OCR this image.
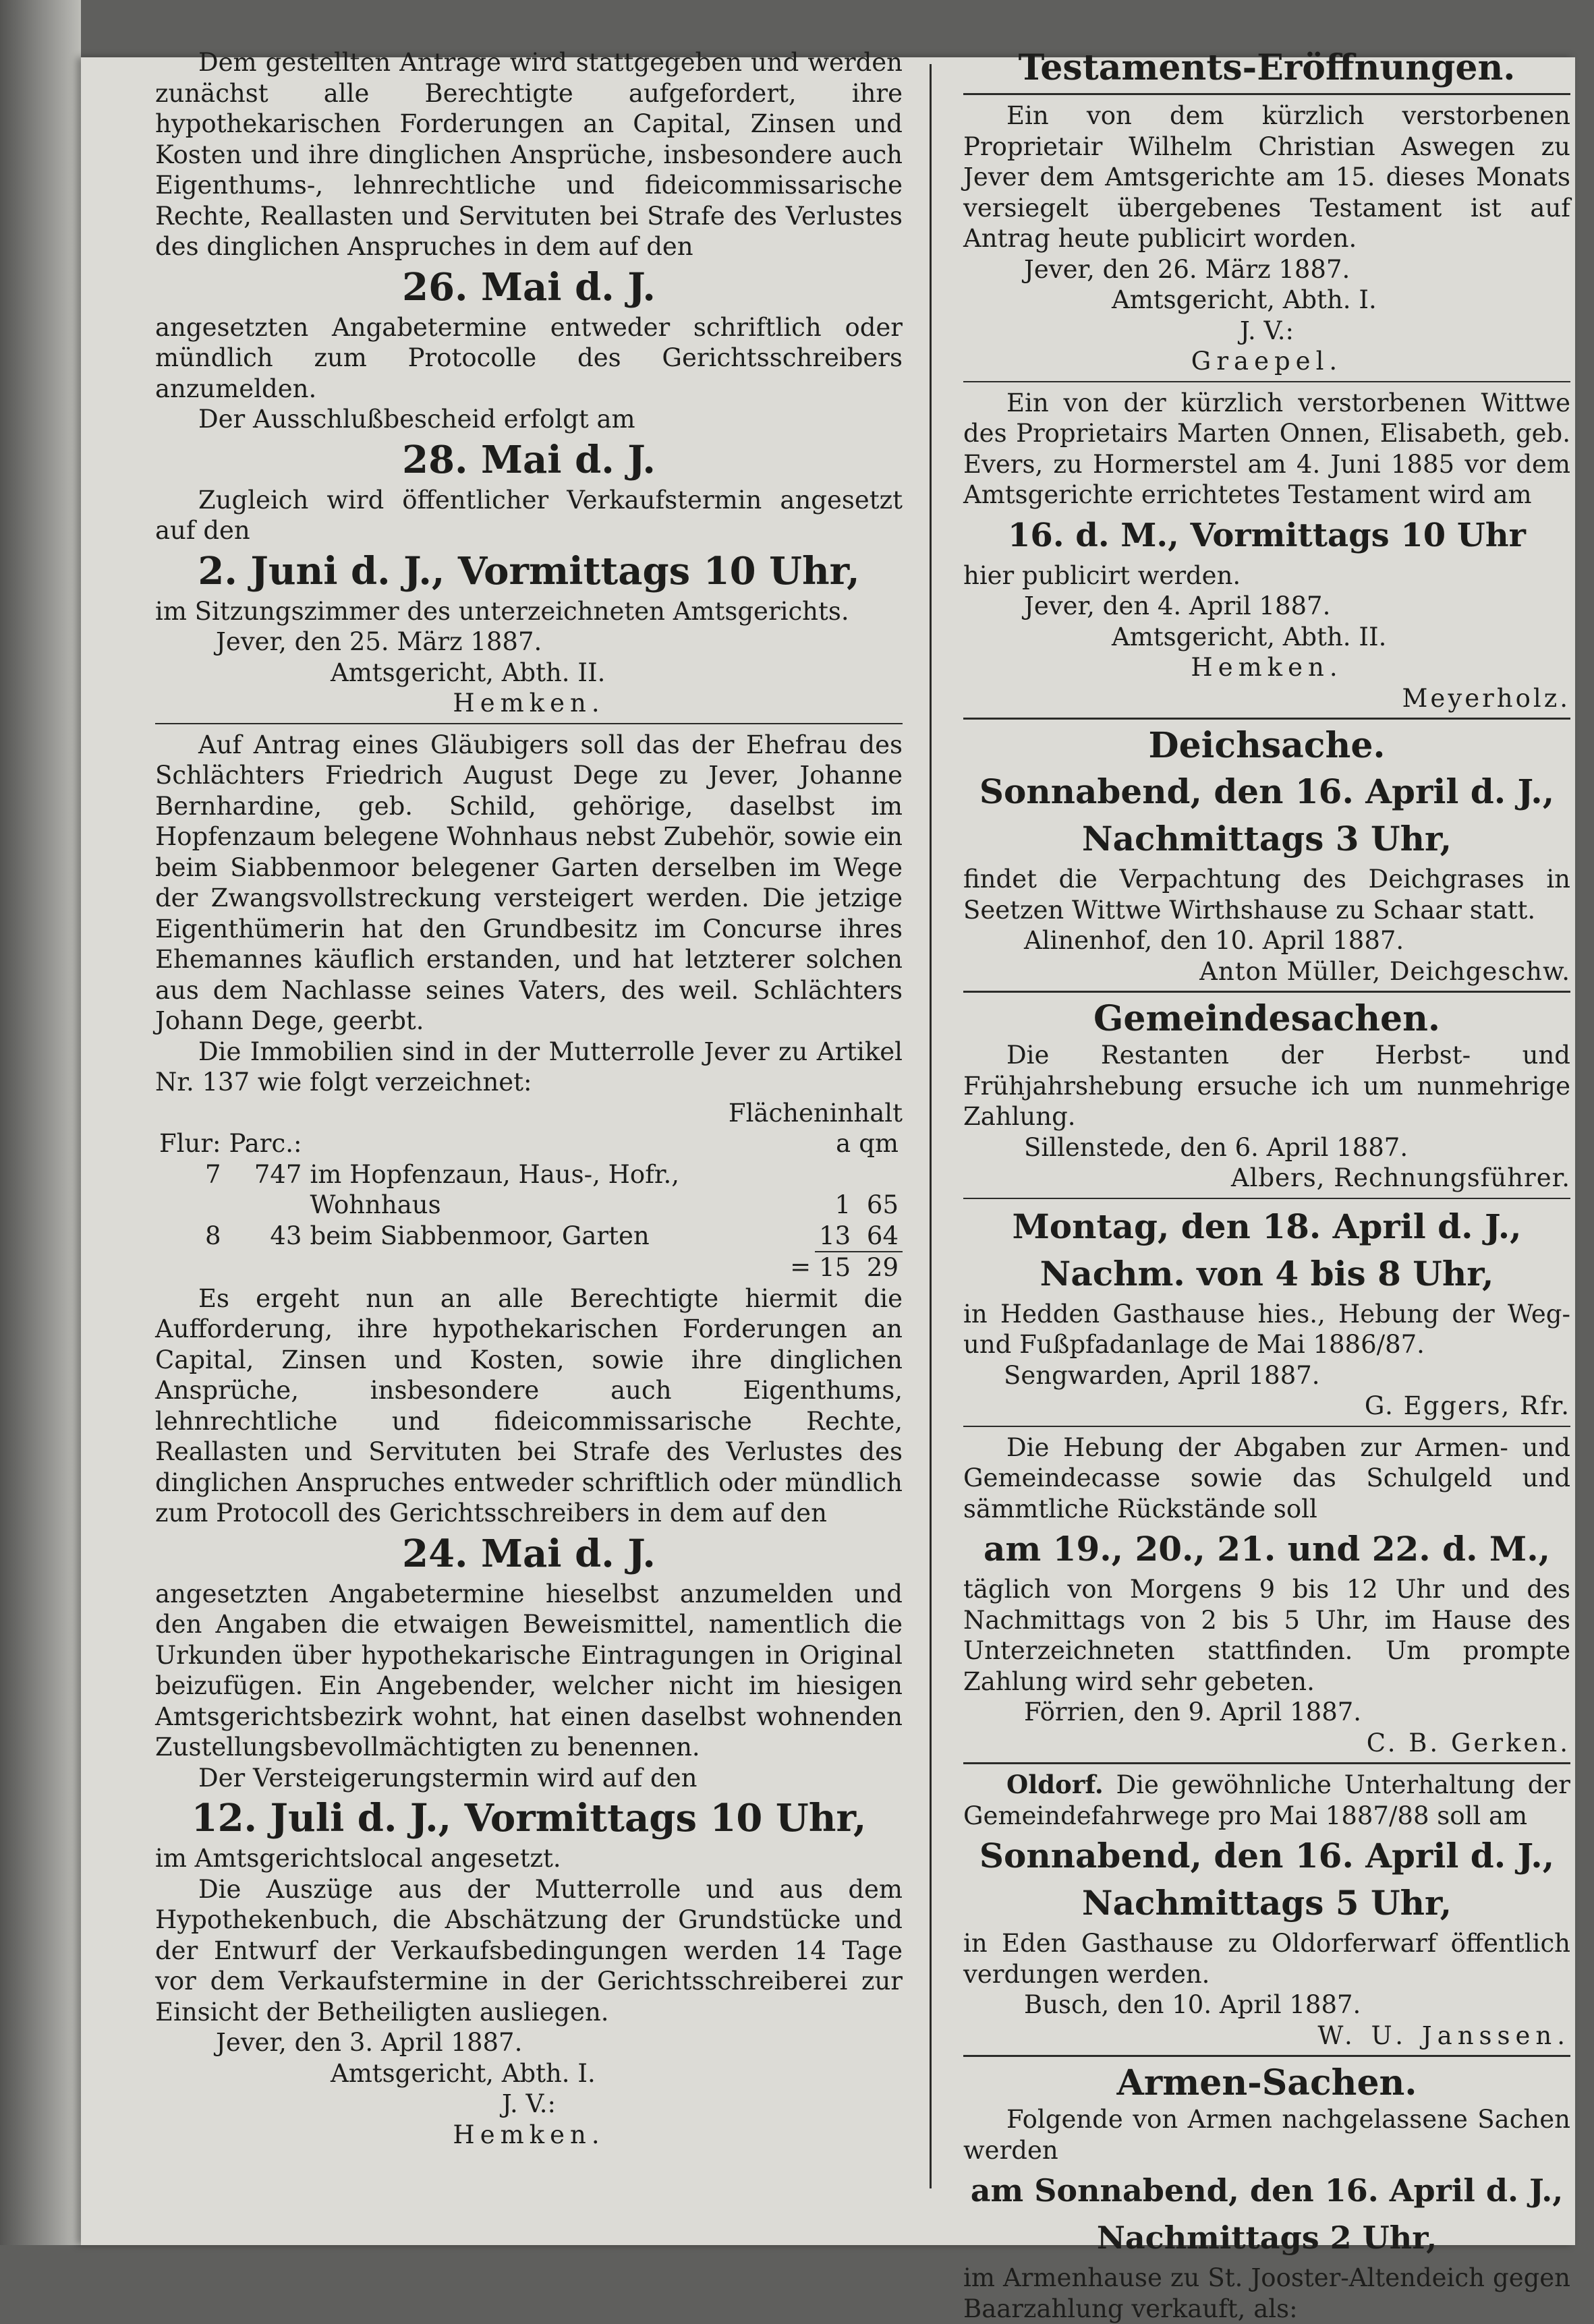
Dem gestellten Antrage wird stattgegeben und werden zunächst alle Berechtigte aufgefordert, ihre hypothekarischen Forderungen an Capital, Zinsen und Kosten und ihre dinglichen Ansprüche, insbesondere auch Eigenthums-, lehnrechtliche und fideicommissarische Rechte, Reallasten und Servituten bei Strafe des Verlustes des dinglichen Anspruches in dem auf den

26. Mai d. J.

angesetzten Angabetermine entweder schriftlich oder mündlich zum Protocolle des Gerichtsschreibers anzumelden.

Der Ausschlußbescheid erfolgt am

28. Mai d. J.

Zugleich wird öffentlicher Verkaufstermin angesetzt auf den

2. Juni d. J., Vormittags 10 Uhr,

im Sitzungszimmer des unterzeichneten Amtsgerichts.

Jever, den 25. März 1887.

Amtsgericht, Abth. II.

Hemken.

Auf Antrag eines Gläubigers soll das der Ehefrau des Schlächters Friedrich August Dege zu Jever, Johanne Bernhardine, geb. Schild, gehörige, daselbst im Hopfenzaum belegene Wohnhaus nebst Zubehör, sowie ein beim Siabbenmoor belegener Garten derselben im Wege der Zwangsvollstreckung versteigert werden. Die jetzige Eigenthümerin hat den Grundbesitz im Concurse ihres Ehemannes käuflich erstanden, und hat letzterer solchen aus dem Nachlasse seines Vaters, des weil. Schlächters Johann Dege, geerbt.

Die Immobilien sind in der Mutterrolle Jever zu Artikel Nr. 137 wie folgt verzeichnet:

Flächeninhalt

Flur:	Parc.:		a	qm
7	747	im Hopfenzaun, Haus-, Hofr., Wohnhaus	1	65
8	43	beim Siabbenmoor, Garten	13	64
		=	15	29

Es ergeht nun an alle Berechtigte hiermit die Aufforderung, ihre hypothekarischen Forderungen an Capital, Zinsen und Kosten, sowie ihre dinglichen Ansprüche, insbesondere auch Eigenthums, lehnrechtliche und fideicommissarische Rechte, Reallasten und Servituten bei Strafe des Verlustes des dinglichen Anspruches entweder schriftlich oder mündlich zum Protocoll des Gerichtsschreibers in dem auf den

24. Mai d. J.

angesetzten Angabetermine hieselbst anzumelden und den Angaben die etwaigen Beweismittel, namentlich die Urkunden über hypothekarische Eintragungen in Original beizufügen. Ein Angebender, welcher nicht im hiesigen Amtsgerichtsbezirk wohnt, hat einen daselbst wohnenden Zustellungsbevollmächtigten zu benennen.

Der Versteigerungstermin wird auf den

12. Juli d. J., Vormittags 10 Uhr,

im Amtsgerichtslocal angesetzt.

Die Auszüge aus der Mutterrolle und aus dem Hypothekenbuch, die Abschätzung der Grundstücke und der Entwurf der Verkaufsbedingungen werden 14 Tage vor dem Verkaufstermine in der Gerichtsschreiberei zur Einsicht der Betheiligten ausliegen.

Jever, den 3. April 1887.

Amtsgericht, Abth. I.

J. V.:

Hemken.

Testaments-Eröffnungen.

Ein von dem kürzlich verstorbenen Proprietair Wilhelm Christian Aswegen zu Jever dem Amtsgerichte am 15. dieses Monats versiegelt übergebenes Testament ist auf Antrag heute publicirt worden.

Jever, den 26. März 1887.

Amtsgericht, Abth. I.

J. V.:

Graepel.

Ein von der kürzlich verstorbenen Wittwe des Proprietairs Marten Onnen, Elisabeth, geb. Evers, zu Hormerstel am 4. Juni 1885 vor dem Amtsgerichte errichtetes Testament wird am

16. d. M., Vormittags 10 Uhr

hier publicirt werden.

Jever, den 4. April 1887.

Amtsgericht, Abth. II.

Hemken.

Meyerholz.

Deichsache.

Sonnabend, den 16. April d. J.,

Nachmittags 3 Uhr,

findet die Verpachtung des Deichgrases in Seetzen Wittwe Wirthshause zu Schaar statt.

Alinenhof, den 10. April 1887.

Anton Müller, Deichgeschw.

Gemeindesachen.

Die Restanten der Herbst- und Frühjahrshebung ersuche ich um nunmehrige Zahlung.

Sillenstede, den 6. April 1887.

Albers, Rechnungsführer.

Montag, den 18. April d. J.,

Nachm. von 4 bis 8 Uhr,

in Hedden Gasthause hies., Hebung der Weg- und Fußpfadanlage de Mai 1886/87.

Sengwarden, April 1887.

G. Eggers, Rfr.

Die Hebung der Abgaben zur Armen- und Gemeindecasse sowie das Schulgeld und sämmtliche Rückstände soll

am 19., 20., 21. und 22. d. M.,

täglich von Morgens 9 bis 12 Uhr und des Nachmittags von 2 bis 5 Uhr, im Hause des Unterzeichneten stattfinden. Um prompte Zahlung wird sehr gebeten.

Förrien, den 9. April 1887.

C. B. Gerken.

Oldorf. Die gewöhnliche Unterhaltung der Gemeindefahrwege pro Mai 1887/88 soll am

Sonnabend, den 16. April d. J.,

Nachmittags 5 Uhr,

in Eden Gasthause zu Oldorferwarf öffentlich verdungen werden.

Busch, den 10. April 1887.

W. U. Janssen.

Armen-Sachen.

Folgende von Armen nachgelassene Sachen werden

am Sonnabend, den 16. April d. J.,

Nachmittags 2 Uhr,

im Armenhause zu St. Jooster-Altendeich gegen Baarzahlung verkauft, als:
